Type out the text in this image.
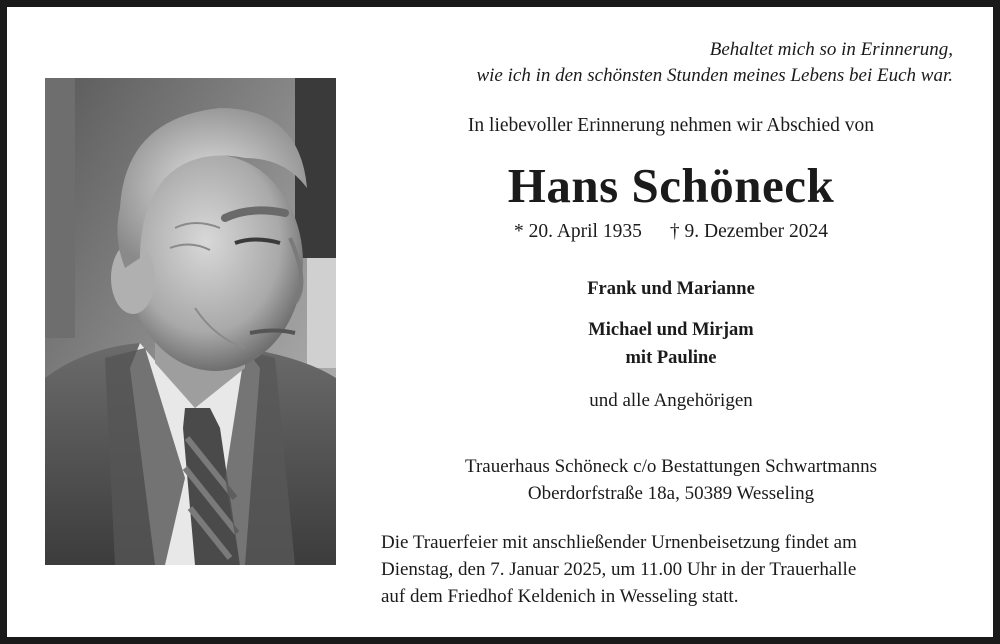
Behaltet mich so in Erinnerung,
wie ich in den schönsten Stunden meines Lebens bei Euch war.
In liebevoller Erinnerung nehmen wir Abschied von
Hans Schöneck
* 20. April 1935 † 9. Dezember 2024
Frank und Marianne
Michael und Mirjam
mit Pauline
und alle Angehörigen
Trauerhaus Schöneck c/o Bestattungen Schwartmanns
Oberdorfstraße 18a, 50389 Wesseling
Die Trauerfeier mit anschließender Urnenbeisetzung findet am
Dienstag, den 7. Januar 2025, um 11.00 Uhr in der Trauerhalle
auf dem Friedhof Keldenich in Wesseling statt.
